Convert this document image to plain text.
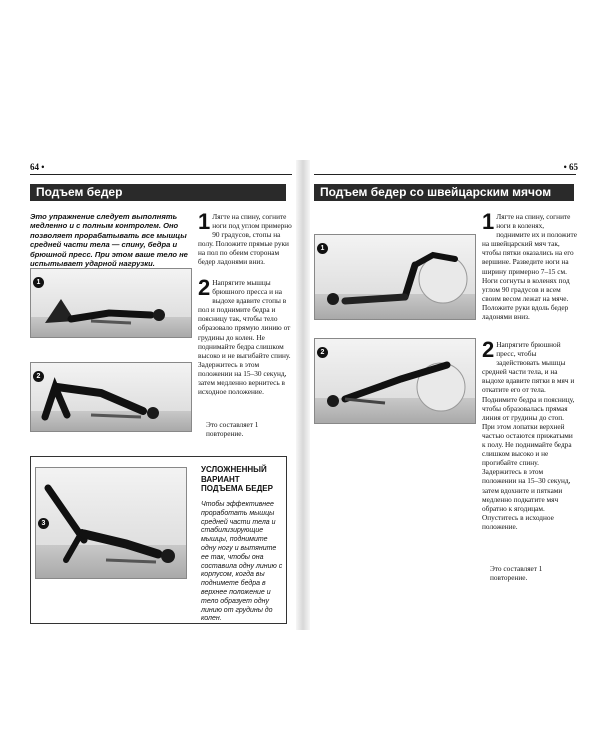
64 •
Подъем бедер
Это упражнение следует выполнять медленно и с полным контролем. Оно позволяет прорабатывать все мышцы средней части тела — спину, бедра и брюшной пресс. При этом ваше тело не испытывает ударной нагрузки.
1
2
1 Лягте на спину, согните ноги под углом примерно 90 градусов, стопы на полу. Положите прямые руки на пол по обеим сторонам бедер ладонями вниз.
2 Напрягите мышцы брюшного пресса и на выдохе вдавите стопы в пол и поднимите бедра и поясницу так, чтобы тело образовало прямую линию от грудины до колен. Не поднимайте бедра слишком высоко и не выгибайте спину. Задержитесь в этом положении на 15–30 секунд, затем медленно вернитесь в исходное положение.
Это составляет 1 повторение.
3
УСЛОЖНЕННЫЙ ВАРИАНТ ПОДЪЕМА БЕДЕР
Чтобы эффективнее проработать мышцы средней части тела и стабилизирующие мышцы, поднимите одну ногу и вытяните ее так, чтобы она составила одну линию с корпусом, когда вы поднимете бедра в верхнее положение и тело образует одну линию от грудины до колен.
• 65
Подъем бедер со швейцарским мячом
1
2
1 Лягте на спину, согните ноги в коленях, поднимите их и положите на швейцарский мяч так, чтобы пятки оказались на его вершине. Разведите ноги на ширину примерно 7–15 см. Ноги согнуты в коленях под углом 90 градусов и всем своим весом лежат на мяче. Положите руки вдоль бедер ладонями вниз.
2 Напрягите брюшной пресс, чтобы задействовать мышцы средней части тела, и на выдохе вдавите пятки в мяч и откатите его от тела. Поднимите бедра и поясницу, чтобы образовалась прямая линия от грудины до стоп. При этом лопатки верхней частью остаются прижатыми к полу. Не поднимайте бедра слишком высоко и не прогибайте спину. Задержитесь в этом положении на 15–30 секунд, затем вдохните и пятками медленно подкатите мяч обратно к ягодицам. Опуститесь в исходное положение.
Это составляет 1 повторение.
